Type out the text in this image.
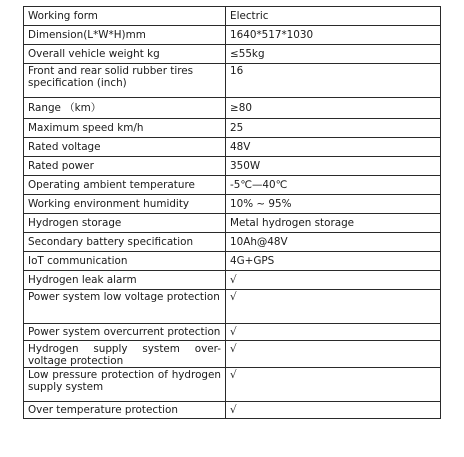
Working form	Electric
Dimension(L*W*H)mm	1640*517*1030
Overall vehicle weight kg	≤55kg
Front and rear solid rubber tires specification (inch)	16
Range （km）	≥80
Maximum speed km/h	25
Rated voltage	48V
Rated power	350W
Operating ambient temperature	-5℃—40℃
Working environment humidity	10% ~ 95%
Hydrogen storage	Metal hydrogen storage
Secondary battery specification	10Ah@48V
IoT communication	4G+GPS
Hydrogen leak alarm	√
Power system low voltage protection	√
Power system overcurrent protection	√
Hydrogen supply system over-voltage protection	√
Low pressure protection of hydrogen supply system	√
Over temperature protection	√
